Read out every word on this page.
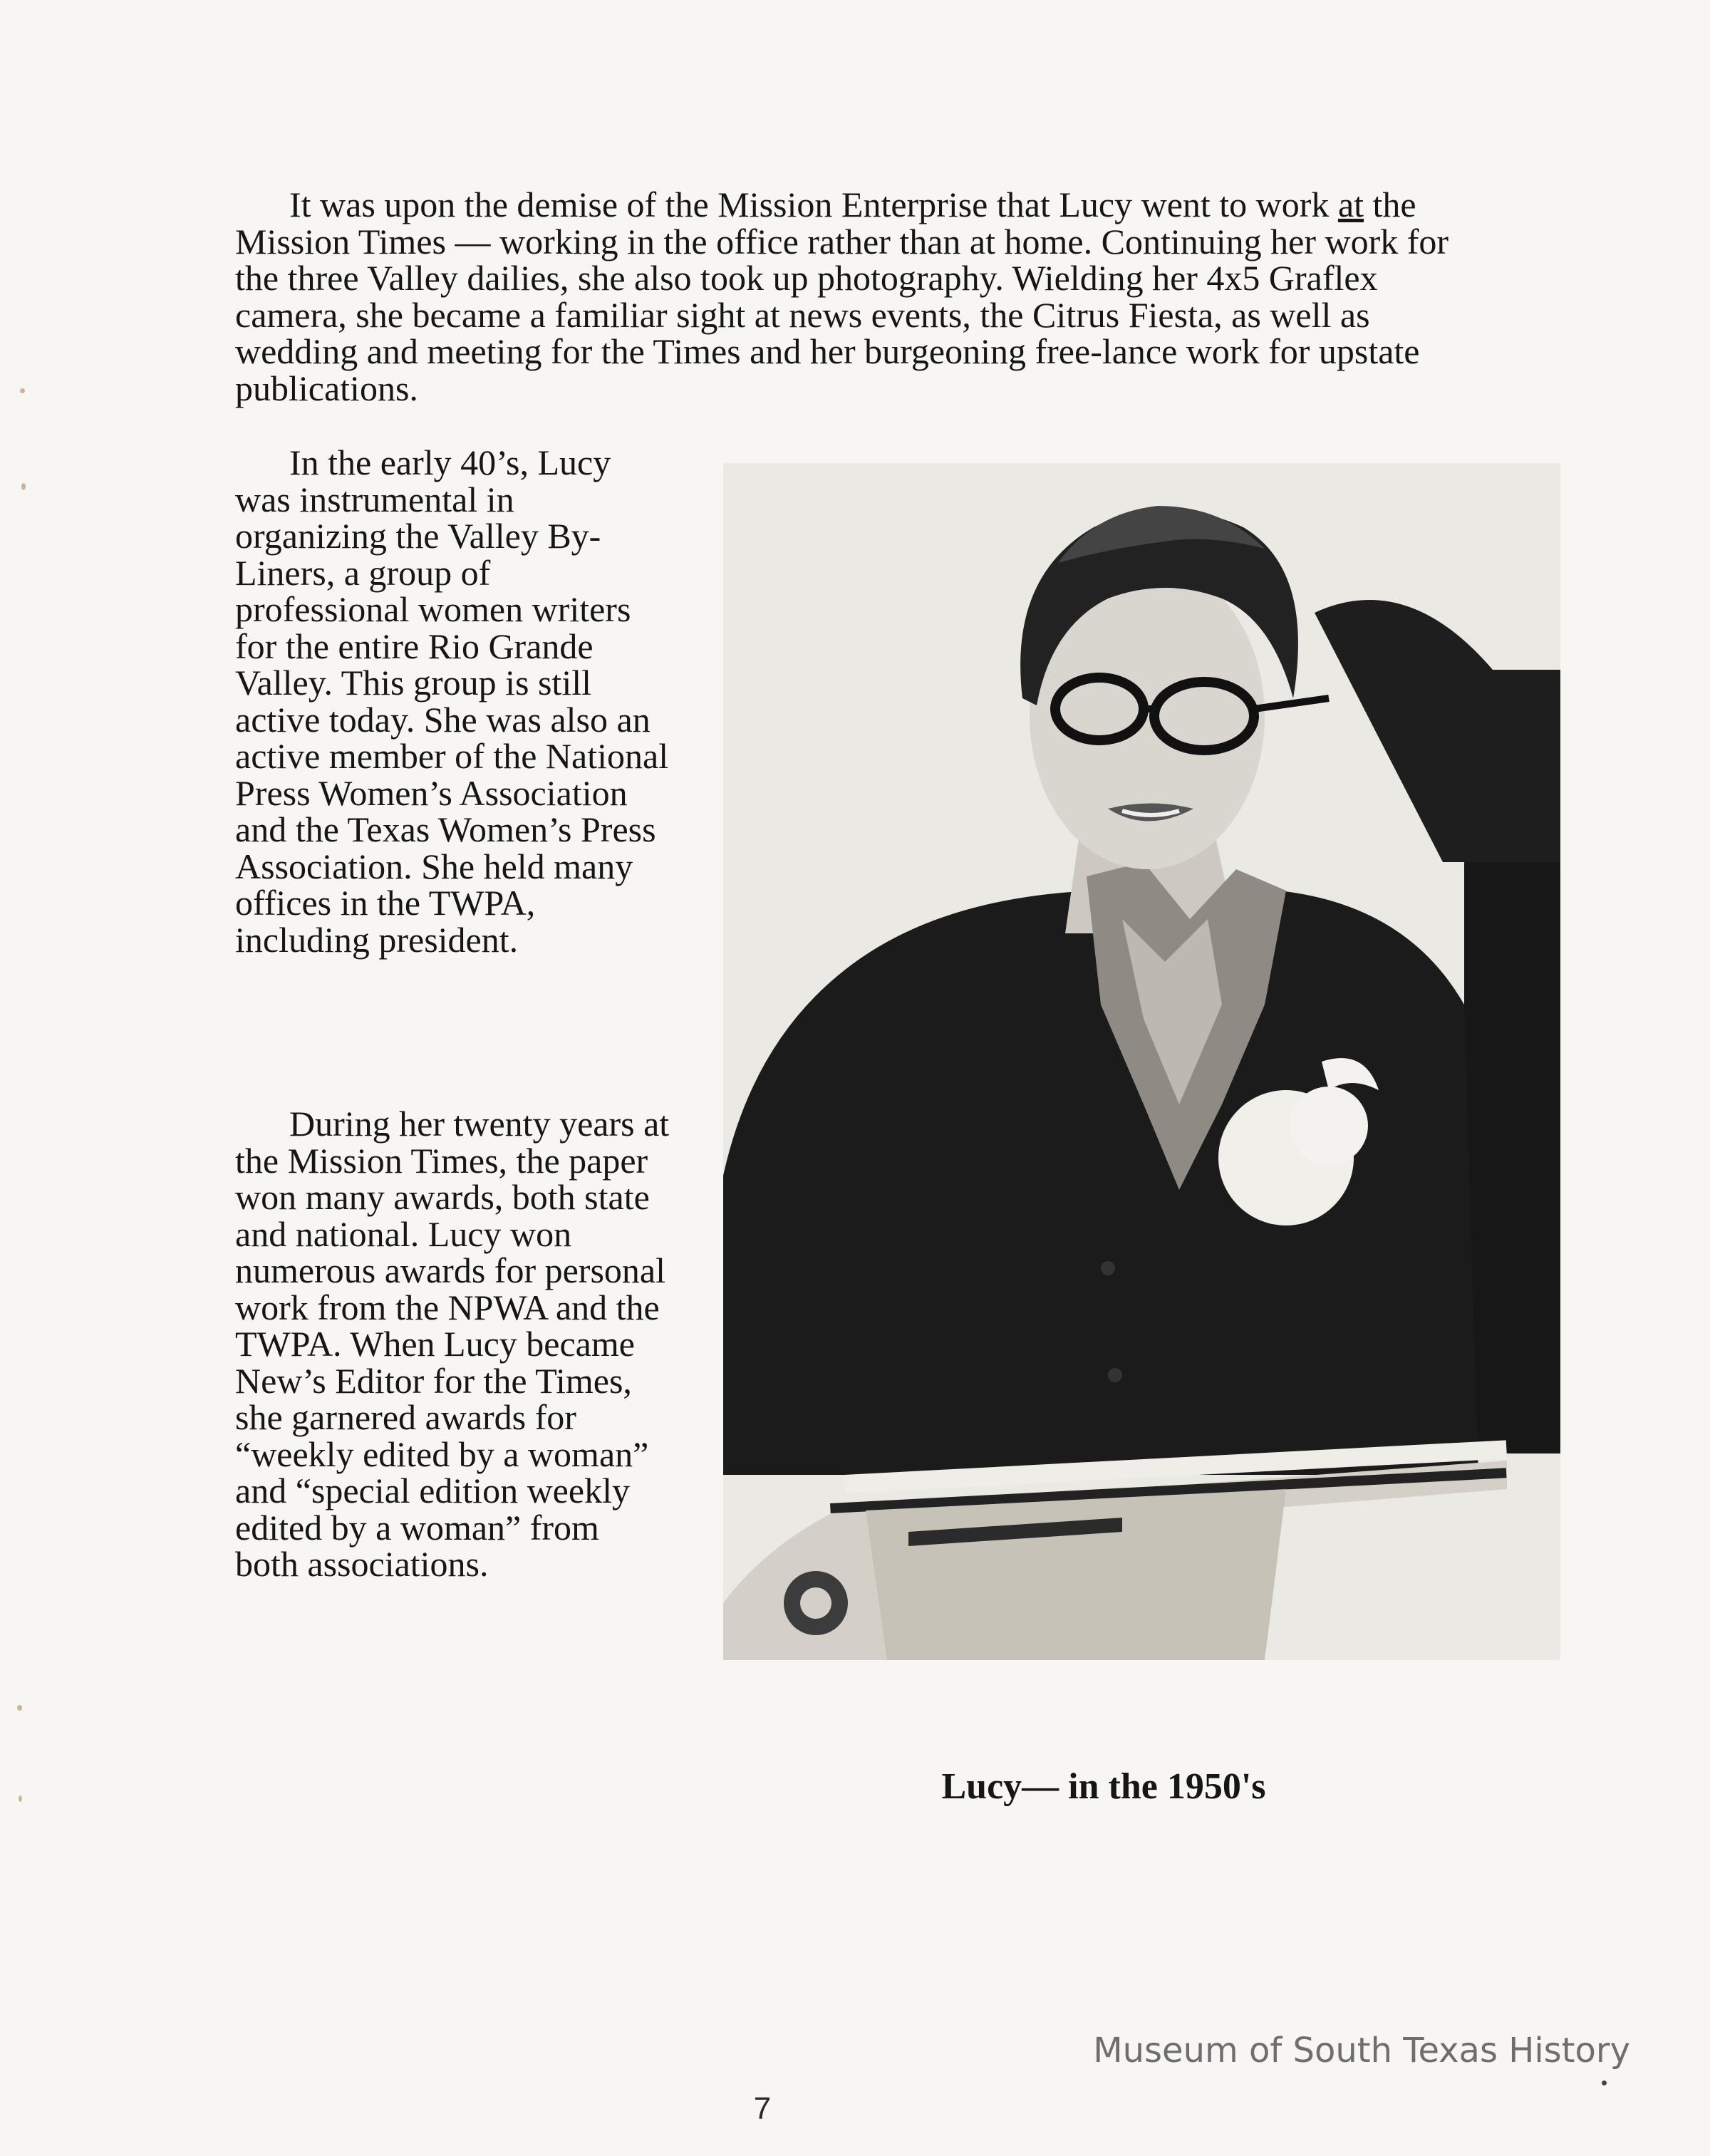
It was upon the demise of the Mission Enterprise that Lucy went to work at the Mission Times — working in the office rather than at home. Continuing her work for the three Valley dailies, she also took up photography. Wielding her 4x5 Graflex camera, she became a familiar sight at news events, the Citrus Fiesta, as well as wedding and meeting for the Times and her burgeoning free-lance work for upstate publications.

In the early 40’s, Lucy was instrumental in organizing the Valley By-Liners, a group of professional women writers for the entire Rio Grande Valley. This group is still active today. She was also an active member of the National Press Women’s Association and the Texas Women’s Press Association. She held many offices in the TWPA, including president.

During her twenty years at the Mission Times, the paper won many awards, both state and national. Lucy won numerous awards for personal work from the NPWA and the TWPA. When Lucy became New’s Editor for the Times, she garnered awards for “weekly edited by a woman” and “special edition weekly edited by a woman” from both associations.

Lucy— in the 1950's
Museum of South Texas History
7
